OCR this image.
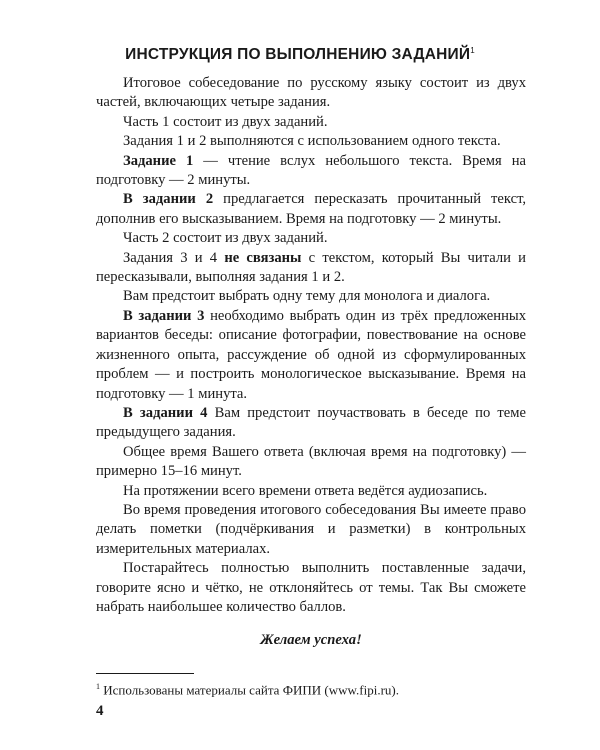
ИНСТРУКЦИЯ ПО ВЫПОЛНЕНИЮ ЗАДАНИЙ$^1$

Итоговое собеседование по русскому языку состоит из двух частей, включающих четыре задания.

Часть 1 состоит из двух заданий.

Задания 1 и 2 выполняются с использованием одного текста.

Задание 1 — чтение вслух небольшого текста. Время на подготовку — 2 минуты.

В задании 2 предлагается пересказать прочитанный текст, дополнив его высказыванием. Время на подготовку — 2 минуты.

Часть 2 состоит из двух заданий.

Задания 3 и 4 не связаны с текстом, который Вы читали и пересказывали, выполняя задания 1 и 2.

Вам предстоит выбрать одну тему для монолога и диалога.

В задании 3 необходимо выбрать один из трёх предложенных вариантов беседы: описание фотографии, повествование на основе жизненного опыта, рассуждение об одной из сформулированных проблем — и построить монологическое высказывание. Время на подготовку — 1 минута.

В задании 4 Вам предстоит поучаствовать в беседе по теме предыдущего задания.

Общее время Вашего ответа (включая время на подготовку) — примерно 15–16 минут.

На протяжении всего времени ответа ведётся аудиозапись.

Во время проведения итогового собеседования Вы имеете право делать пометки (подчёркивания и разметки) в контрольных измерительных материалах.

Постарайтесь полностью выполнить поставленные задачи, говорите ясно и чётко, не отклоняйтесь от темы. Так Вы сможете набрать наибольшее количество баллов.

Желаем успеха!

$^1$ Использованы материалы сайта ФИПИ (www.fipi.ru).
4
